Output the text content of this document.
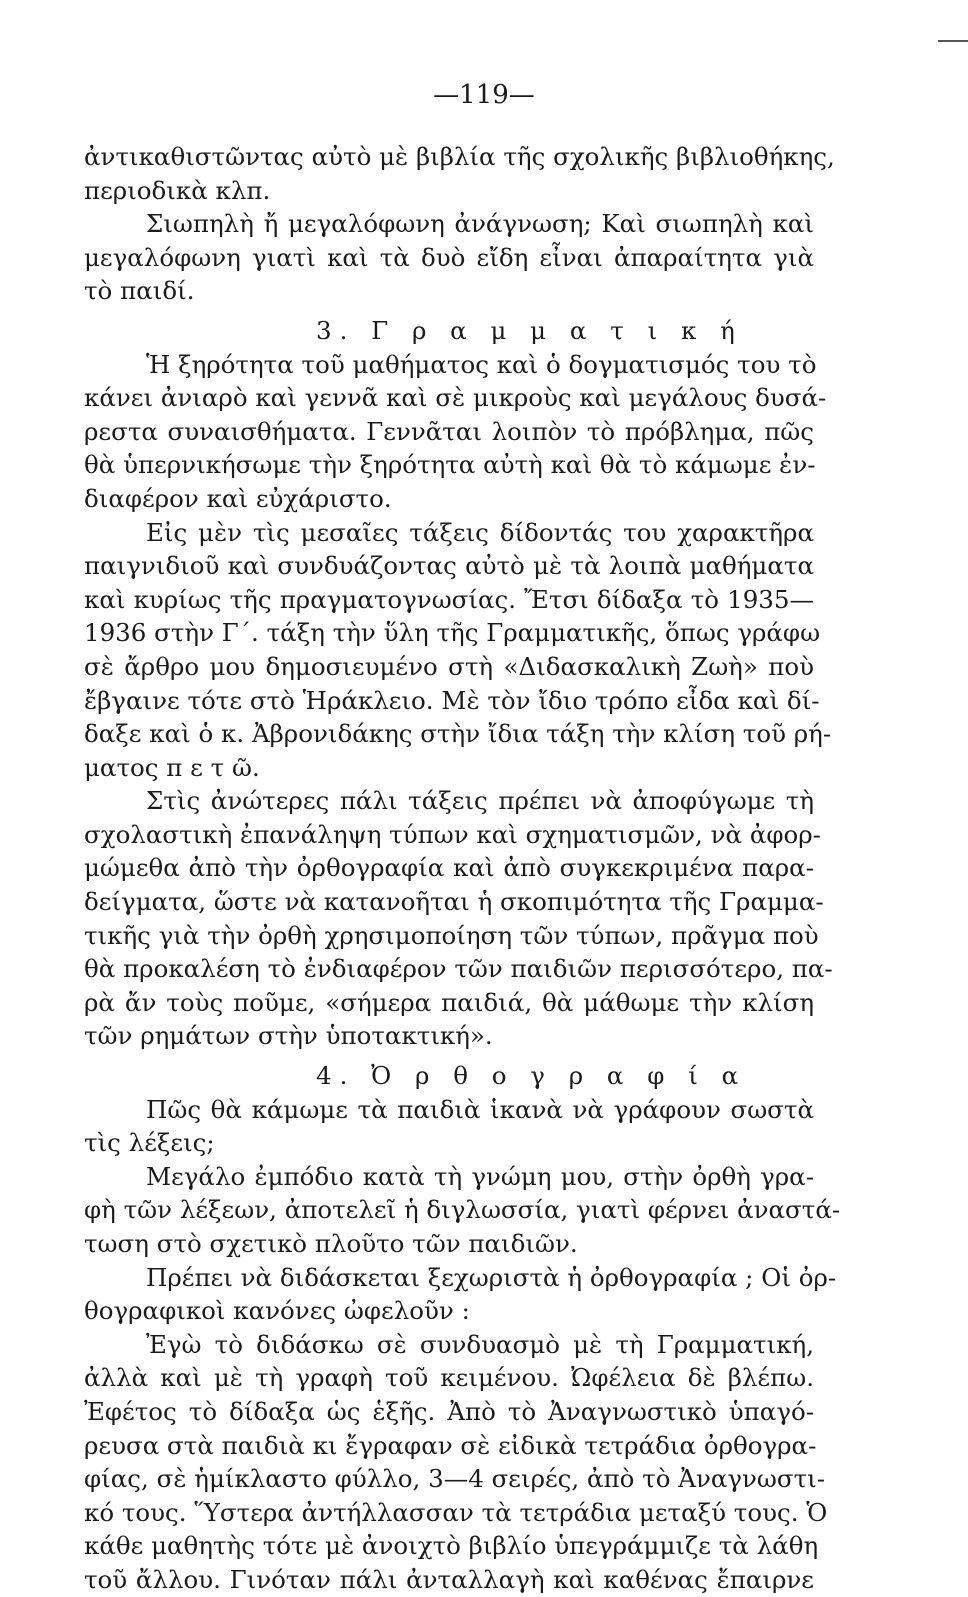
—119—
ἀντικαθιστῶντας αὐτὸ μὲ βιβλία τῆς σχολικῆς βιβλιοθήκης,
περιοδικὰ κλπ.
Σιωπηλὴ ἤ μεγαλόφωνη ἀνάγνωση; Καὶ σιωπηλὴ καὶ
μεγαλόφωνη γιατὶ καὶ τὰ δυὸ εἴδη εἶναι ἀπαραίτητα γιὰ
τὸ παιδί.
3. Γ ρ α μ μ α τ ι κ ή
Ἡ ξηρότητα τοῦ μαθήματος καὶ ὁ δογματισμός του τὸ
κάνει ἀνιαρὸ καὶ γεννᾶ καὶ σὲ μικροὺς καὶ μεγάλους δυσά-
ρεστα συναισθήματα. Γεννᾶται λοιπὸν τὸ πρόβλημα, πῶς
θὰ ὑπερνικήσωμε τὴν ξηρότητα αὐτὴ καὶ θὰ τὸ κάμωμε ἐν-
διαφέρον καὶ εὐχάριστο.
Εἰς μὲν τὶς μεσαῖες τάξεις δίδοντάς του χαρακτῆρα
παιγνιδιοῦ καὶ συνδυάζοντας αὐτὸ μὲ τὰ λοιπὰ μαθήματα
καὶ κυρίως τῆς πραγματογνωσίας. Ἔτσι δίδαξα τὸ 1935—
1936 στὴν Γ΄. τάξη τὴν ὕλη τῆς Γραμματικῆς, ὅπως γράφω
σὲ ἄρθρο μου δημοσιευμένο στὴ «Διδασκαλικὴ Ζωὴ» ποὺ
ἔβγαινε τότε στὸ Ἡράκλειο. Μὲ τὸν ἴδιο τρόπο εἶδα καὶ δί-
δαξε καὶ ὁ κ. Ἀβρονιδάκης στὴν ἴδια τάξη τὴν κλίση τοῦ ρή-
ματος π ε τ ῶ.
Στὶς ἀνώτερες πάλι τάξεις πρέπει νὰ ἀποφύγωμε τὴ
σχολαστικὴ ἐπανάληψη τύπων καὶ σχηματισμῶν, νὰ ἀφορ-
μώμεθα ἀπὸ τὴν ὀρθογραφία καὶ ἀπὸ συγκεκριμένα παρα-
δείγματα, ὥστε νὰ κατανοῆται ἡ σκοπιμότητα τῆς Γραμμα-
τικῆς γιὰ τὴν ὀρθὴ χρησιμοποίηση τῶν τύπων, πρᾶγμα ποὺ
θὰ προκαλέση τὸ ἐνδιαφέρον τῶν παιδιῶν περισσότερο, πα-
ρὰ ἄν τοὺς ποῦμε, «σήμερα παιδιά, θὰ μάθωμε τὴν κλίση
τῶν ρημάτων στὴν ὑποτακτική».
4. Ὀ ρ θ ο γ ρ α φ ί α
Πῶς θὰ κάμωμε τὰ παιδιὰ ἱκανὰ νὰ γράφουν σωστὰ
τὶς λέξεις;
Μεγάλο ἐμπόδιο κατὰ τὴ γνώμη μου, στὴν ὀρθὴ γρα-
φὴ τῶν λέξεων, ἀποτελεῖ ἡ διγλωσσία, γιατὶ φέρνει ἀναστά-
τωση στὸ σχετικὸ πλοῦτο τῶν παιδιῶν.
Πρέπει νὰ διδάσκεται ξεχωριστὰ ἡ ὀρθογραφία ; Οἱ ὀρ-
θογραφικοὶ κανόνες ὠφελοῦν :
Ἐγὼ τὸ διδάσκω σὲ συνδυασμὸ μὲ τὴ Γραμματική,
ἀλλὰ καὶ μὲ τὴ γραφὴ τοῦ κειμένου. Ὠφέλεια δὲ βλέπω.
Ἐφέτος τὸ δίδαξα ὡς ἑξῆς. Ἀπὸ τὸ Ἀναγνωστικὸ ὑπαγό-
ρευσα στὰ παιδιὰ κι ἔγραφαν σὲ εἰδικὰ τετράδια ὀρθογρα-
φίας, σὲ ἡμίκλαστο φύλλο, 3—4 σειρές, ἀπὸ τὸ Ἀναγνωστι-
κό τους. Ὕστερα ἀντήλλασσαν τὰ τετράδια μεταξύ τους. Ὁ
κάθε μαθητὴς τότε μὲ ἀνοιχτὸ βιβλίο ὑπεγράμμιζε τὰ λάθη
τοῦ ἄλλου. Γινόταν πάλι ἀνταλλαγὴ καὶ καθένας ἔπαιρνε
